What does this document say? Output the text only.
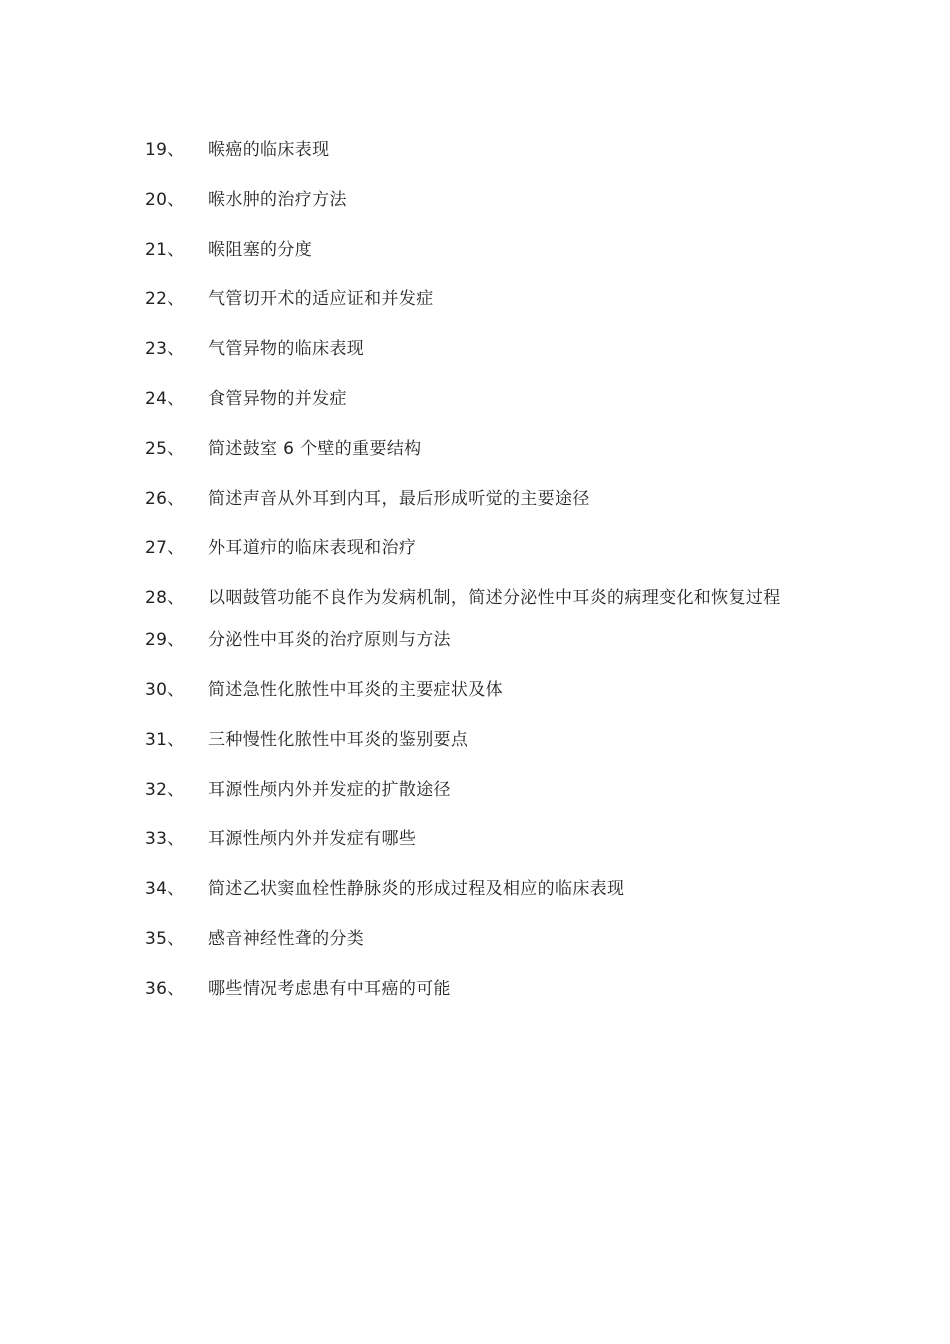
19、 喉癌的临床表现
20、 喉水肿的治疗方法
21、 喉阻塞的分度
22、 气管切开术的适应证和并发症
23、 气管异物的临床表现
24、 食管异物的并发症
25、 简述鼓室 6 个壁的重要结构
26、 简述声音从外耳到内耳，最后形成听觉的主要途径
27、 外耳道疖的临床表现和治疗
28、 以咽鼓管功能不良作为发病机制，简述分泌性中耳炎的病理变化和恢复过程
29、 分泌性中耳炎的治疗原则与方法
30、 简述急性化脓性中耳炎的主要症状及体
31、 三种慢性化脓性中耳炎的鉴别要点
32、 耳源性颅内外并发症的扩散途径
33、 耳源性颅内外并发症有哪些
34、 简述乙状窦血栓性静脉炎的形成过程及相应的临床表现
35、 感音神经性聋的分类
36、 哪些情况考虑患有中耳癌的可能
